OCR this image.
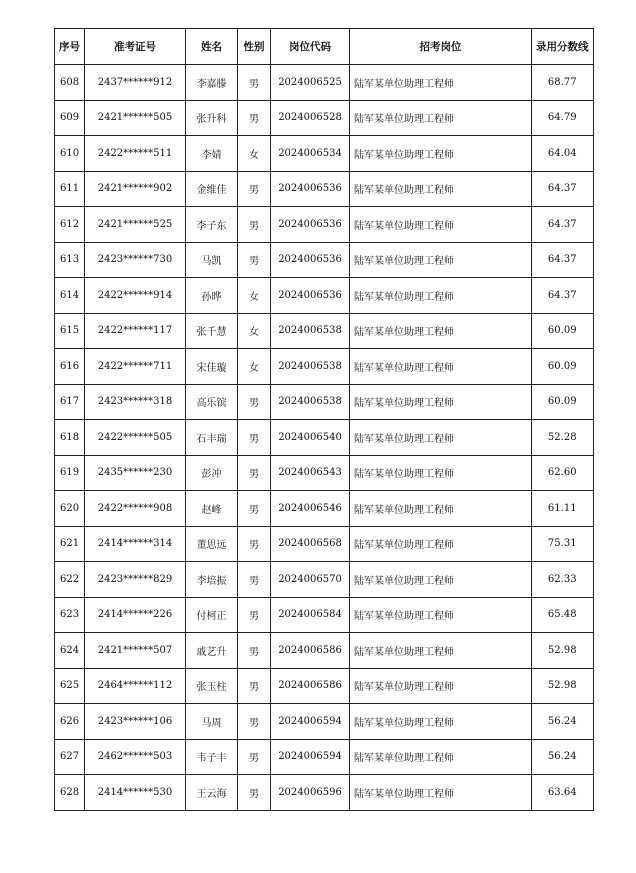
序号	准考证号	姓名	性别	岗位代码	招考岗位	录用分数线
608	2437******912	李嘉滕	男	2024006525	陆军某单位助理工程师	68.77
609	2421******505	张升科	男	2024006528	陆军某单位助理工程师	64.79
610	2422******511	李婧	女	2024006534	陆军某单位助理工程师	64.04
611	2421******902	金维佳	男	2024006536	陆军某单位助理工程师	64.37
612	2421******525	李子东	男	2024006536	陆军某单位助理工程师	64.37
613	2423******730	马凯	男	2024006536	陆军某单位助理工程师	64.37
614	2422******914	孙晔	女	2024006536	陆军某单位助理工程师	64.37
615	2422******117	张千慧	女	2024006538	陆军某单位助理工程师	60.09
616	2422******711	宋佳璇	女	2024006538	陆军某单位助理工程师	60.09
617	2423******318	高乐镔	男	2024006538	陆军某单位助理工程师	60.09
618	2422******505	石丰瑞	男	2024006540	陆军某单位助理工程师	52.28
619	2435******230	彭冲	男	2024006543	陆军某单位助理工程师	62.60
620	2422******908	赵峰	男	2024006546	陆军某单位助理工程师	61.11
621	2414******314	董思远	男	2024006568	陆军某单位助理工程师	75.31
622	2423******829	李培振	男	2024006570	陆军某单位助理工程师	62.33
623	2414******226	付柯正	男	2024006584	陆军某单位助理工程师	65.48
624	2421******507	戚艺升	男	2024006586	陆军某单位助理工程师	52.98
625	2464******112	张玉柱	男	2024006586	陆军某单位助理工程师	52.98
626	2423******106	马周	男	2024006594	陆军某单位助理工程师	56.24
627	2462******503	韦子丰	男	2024006594	陆军某单位助理工程师	56.24
628	2414******530	王云海	男	2024006596	陆军某单位助理工程师	63.64
